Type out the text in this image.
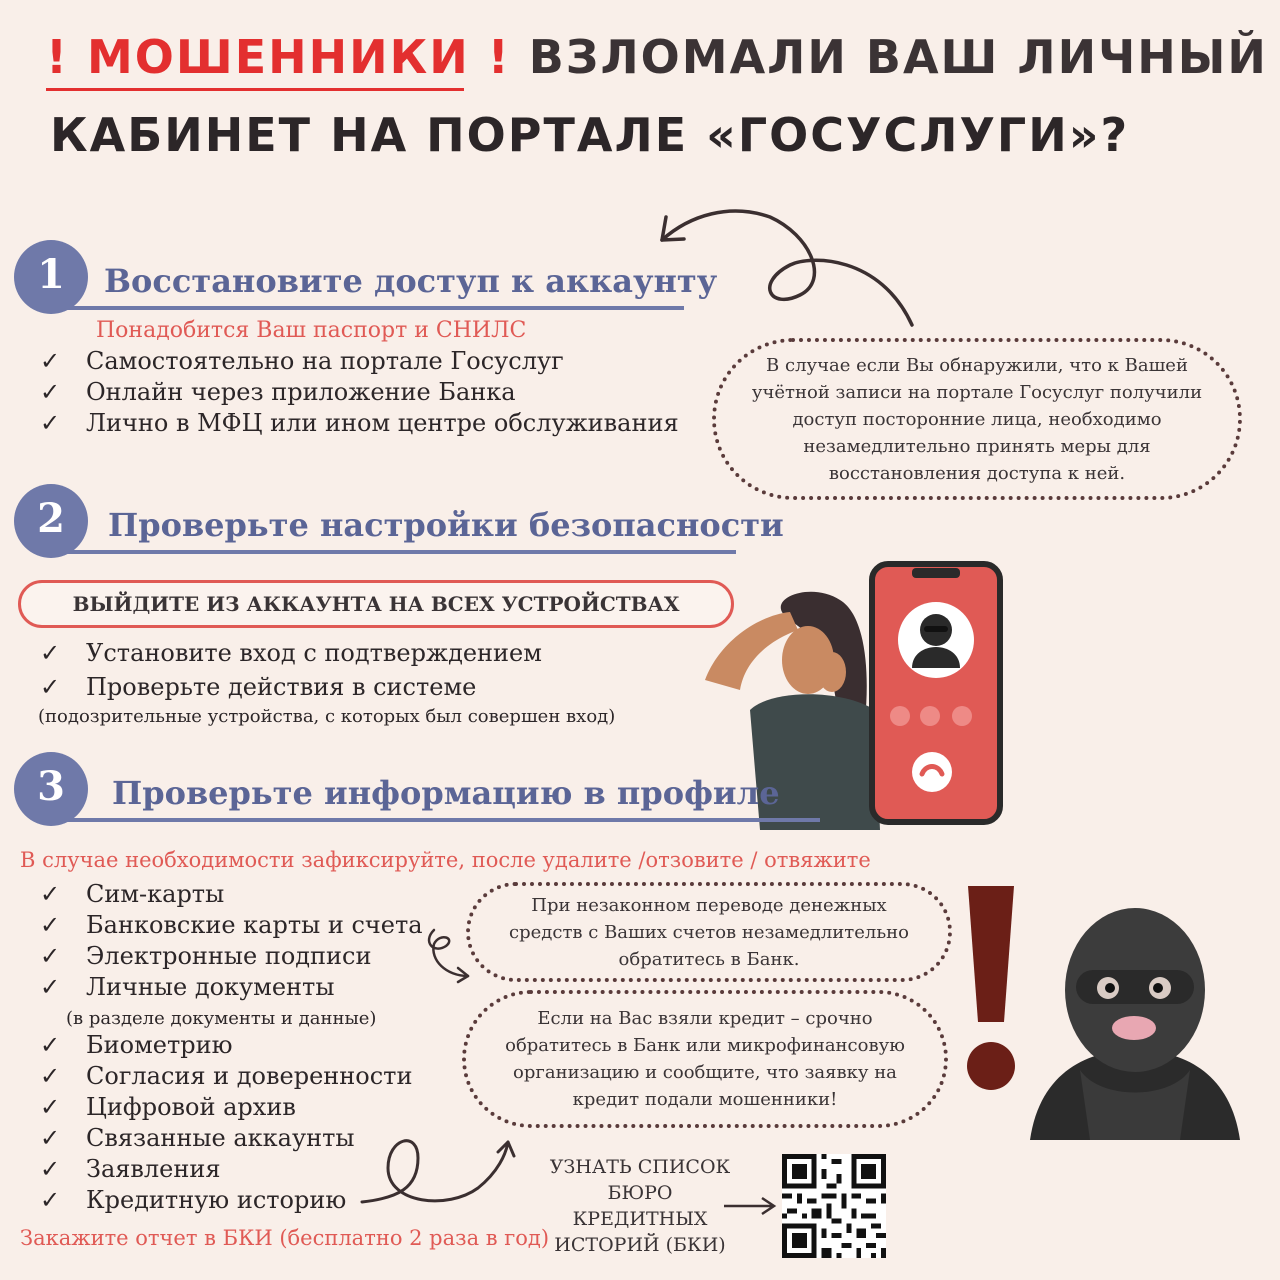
! МОШЕННИКИ ! ВЗЛОМАЛИ ВАШ ЛИЧНЫЙ
КАБИНЕТ НА ПОРТАЛЕ «ГОСУСЛУГИ»?
1	Восстановите доступ к аккаунту
Понадобится Ваш паспорт и СНИЛС
✓ Самостоятельно на портале Госуслуг
✓ Онлайн через приложение Банка
✓ Лично в МФЦ или ином центре обслуживания
В случае если Вы обнаружили, что к Вашей
учётной записи на портале Госуслуг получили
доступ посторонние лица, необходимо
незамедлительно принять меры для
восстановления доступа к ней.
2	Проверьте настройки безопасности
ВЫЙДИТЕ ИЗ АККАУНТА НА ВСЕХ УСТРОЙСТВАХ
✓ Установите вход с подтверждением
✓ Проверьте действия в системе
(подозрительные устройства, с которых был совершен вход)
3	Проверьте информацию в профиле
В случае необходимости зафиксируйте, после удалите /отзовите / отвяжите
✓ Сим-карты
✓ Банковские карты и счета
✓ Электронные подписи
✓ Личные документы
(в разделе документы и данные)
✓ Биометрию
✓ Согласия и доверенности
✓ Цифровой архив
✓ Связанные аккаунты
✓ Заявления
✓ Кредитную историю
Закажите отчет в БКИ (бесплатно 2 раза в год)
При незаконном переводе денежных
средств с Ваших счетов незамедлительно
обратитесь в Банк.
Если на Вас взяли кредит – срочно
обратитесь в Банк или микрофинансовую
организацию и сообщите, что заявку на
кредит подали мошенники!
УЗНАТЬ СПИСОК
БЮРО
КРЕДИТНЫХ
ИСТОРИЙ (БКИ)
